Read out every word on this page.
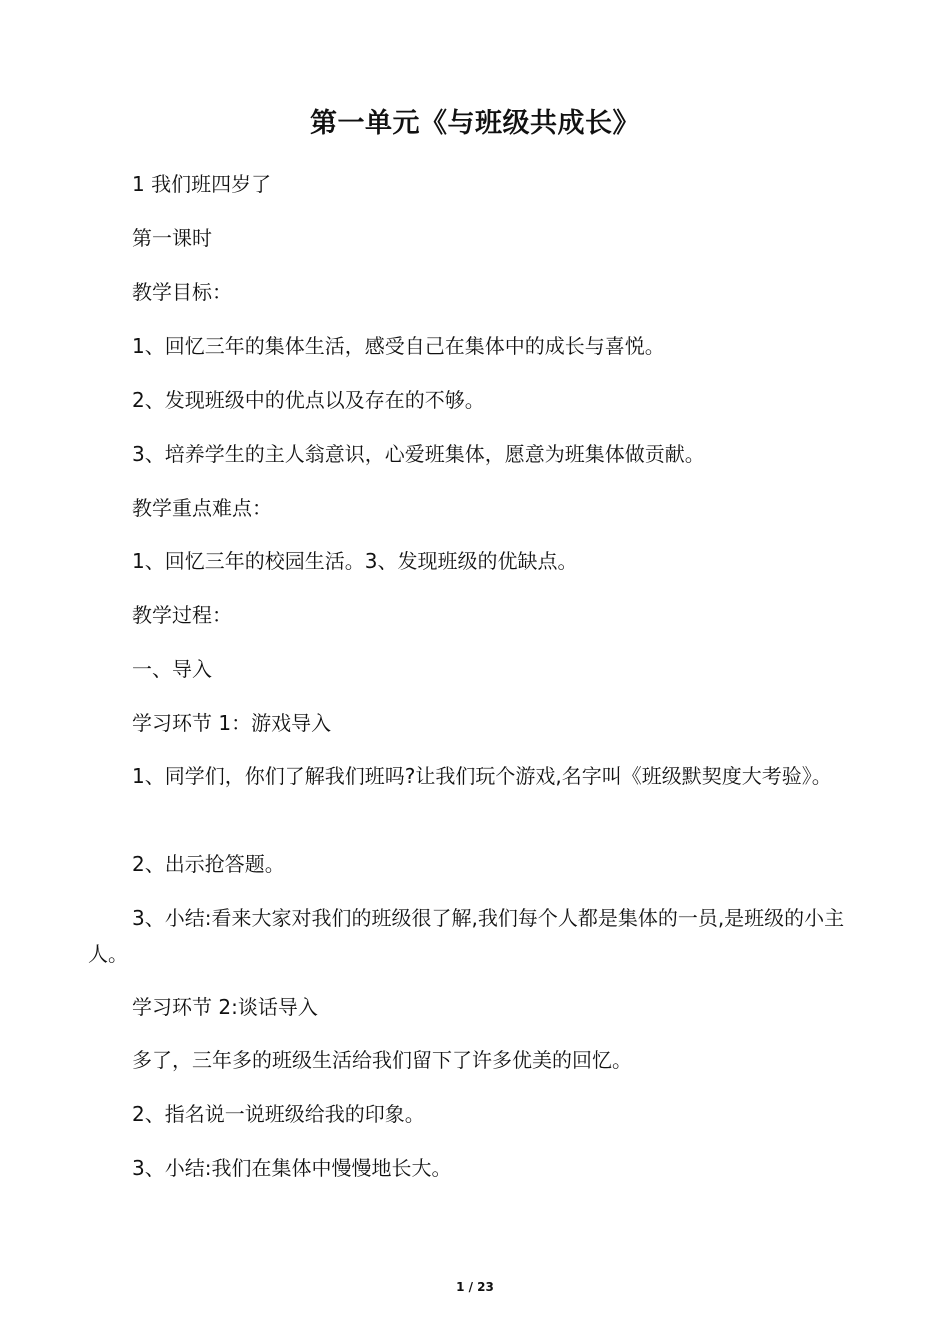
第一单元《与班级共成长》

1 我们班四岁了

第一课时

教学目标：

1、回忆三年的集体生活，感受自己在集体中的成长与喜悦。

2、发现班级中的优点以及存在的不够。

3、培养学生的主人翁意识，心爱班集体，愿意为班集体做贡献。

教学重点难点：

1、回忆三年的校园生活。3、发现班级的优缺点。

教学过程：

一、导入

学习环节 1：游戏导入

1、同学们，你们了解我们班吗?让我们玩个游戏,名字叫《班级默契度大考验》。

2、出示抢答题。

3、小结:看来大家对我们的班级很了解,我们每个人都是集体的一员,是班级的小主人。

学习环节 2:谈话导入

多了，三年多的班级生活给我们留下了许多优美的回忆。

2、指名说一说班级给我的印象。

3、小结:我们在集体中慢慢地长大。

1 / 23
